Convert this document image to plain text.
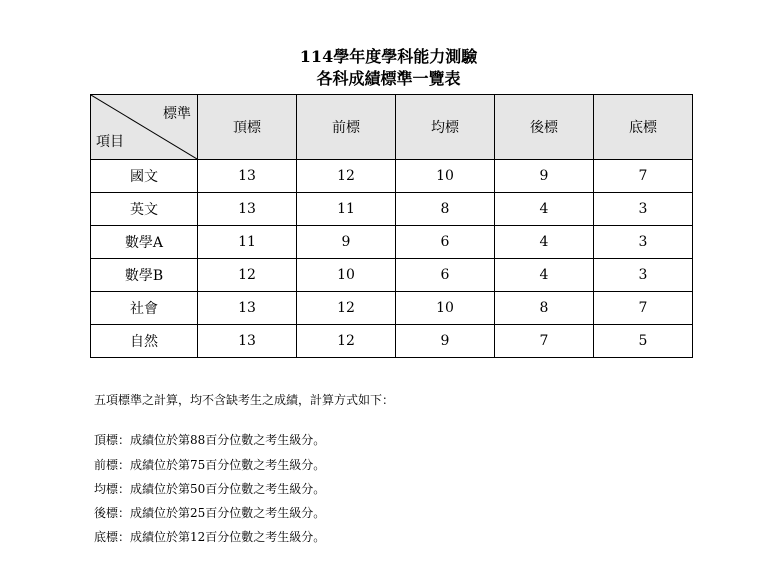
114學年度學科能力測驗
各科成績標準一覽表
標準
項目	頂標	前標	均標	後標	底標
國文	13	12	10	9	7
英文	13	11	8	4	3
數學A	11	9	6	4	3
數學B	12	10	6	4	3
社會	13	12	10	8	7
自然	13	12	9	7	5

五項標準之計算，均不含缺考生之成績，計算方式如下：

頂標：成績位於第88百分位數之考生級分。

前標：成績位於第75百分位數之考生級分。

均標：成績位於第50百分位數之考生級分。

後標：成績位於第25百分位數之考生級分。

底標：成績位於第12百分位數之考生級分。
